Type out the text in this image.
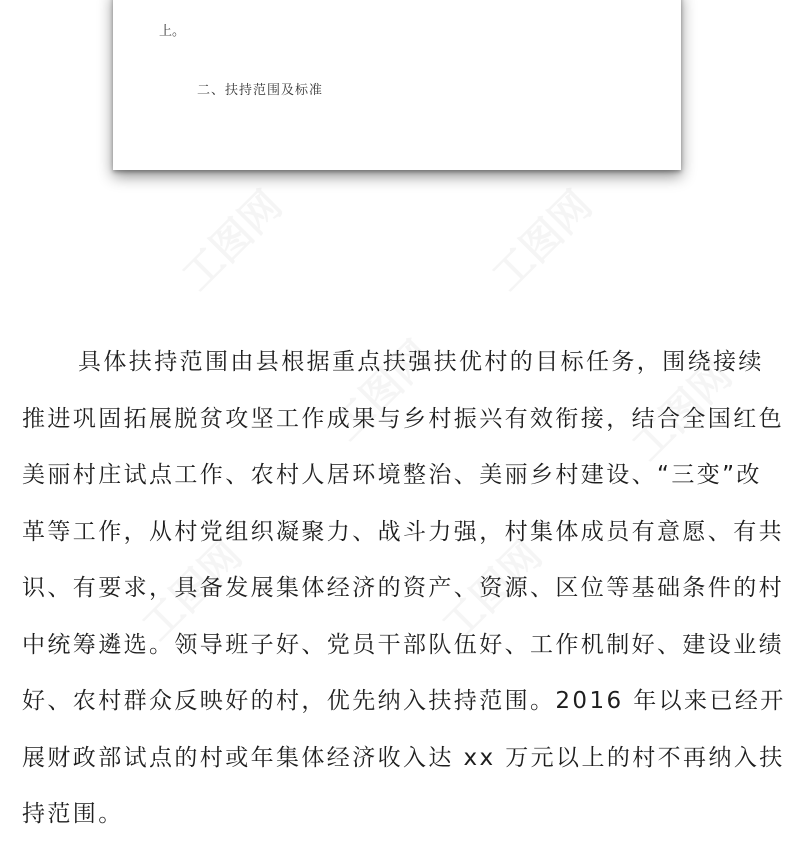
工图网	工图网
工图网	工图网
工图网	工图网
上。
二、扶持范围及标准
具体扶持范围由县根据重点扶强扶优村的目标任务，围绕接续
推进巩固拓展脱贫攻坚工作成果与乡村振兴有效衔接，结合全国红色
美丽村庄试点工作、农村人居环境整治、美丽乡村建设、“三变”改
革等工作，从村党组织凝聚力、战斗力强，村集体成员有意愿、有共
识、有要求，具备发展集体经济的资产、资源、区位等基础条件的村
中统筹遴选。领导班子好、党员干部队伍好、工作机制好、建设业绩
好、农村群众反映好的村，优先纳入扶持范围。2016 年以来已经开
展财政部试点的村或年集体经济收入达 xx 万元以上的村不再纳入扶
持范围。
